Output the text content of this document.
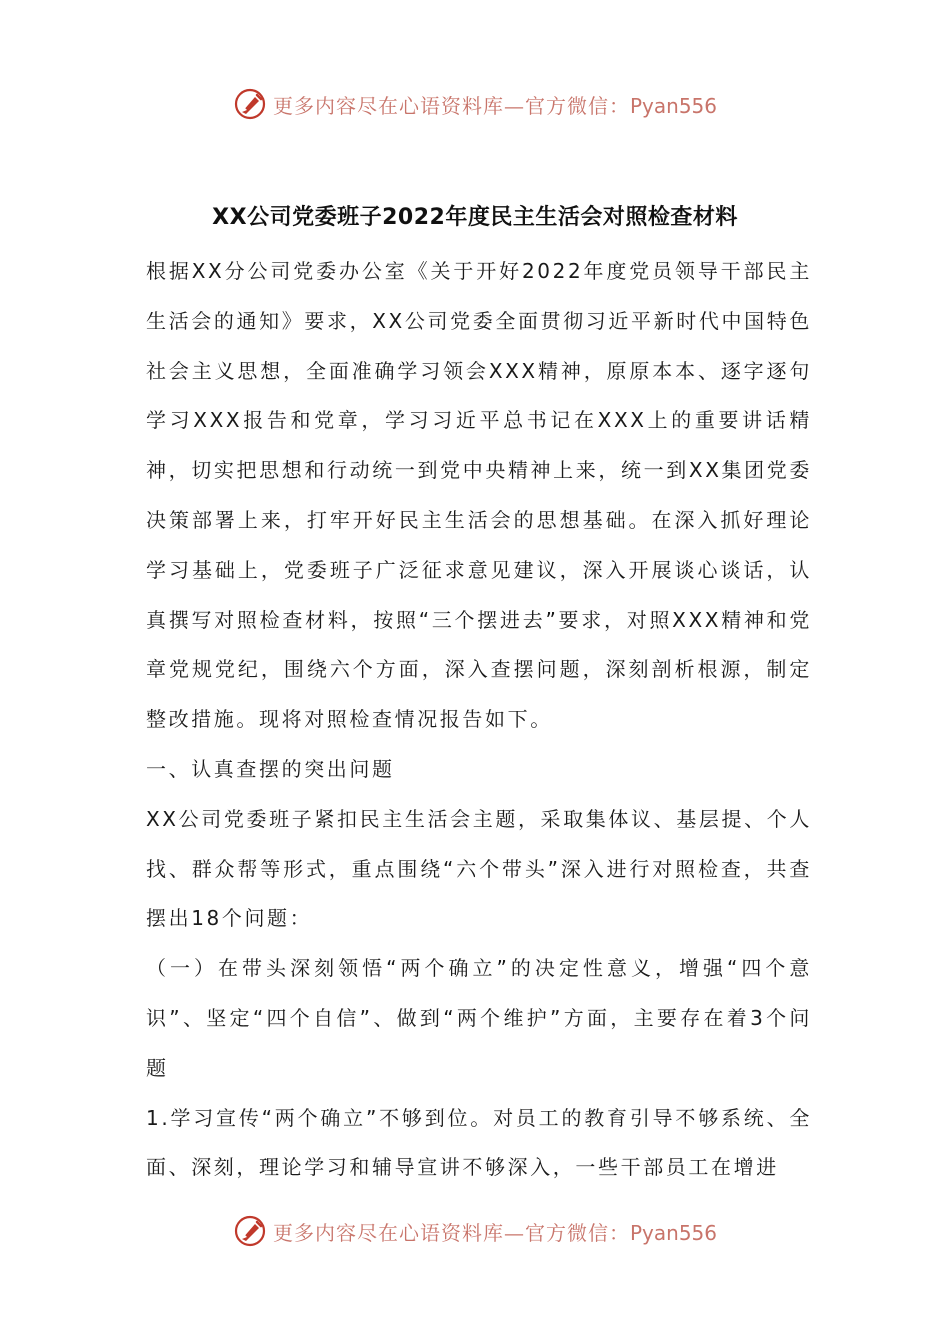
更多内容尽在心语资料库—官方微信：Pyan556
XX公司党委班子2022年度民主生活会对照检查材料

根据XX分公司党委办公室《关于开好2022年度党员领导干部民主生活会的通知》要求，XX公司党委全面贯彻习近平新时代中国特色社会主义思想，全面准确学习领会XXX精神，原原本本、逐字逐句学习XXX报告和党章，学习习近平总书记在XXX上的重要讲话精神，切实把思想和行动统一到党中央精神上来，统一到XX集团党委决策部署上来，打牢开好民主生活会的思想基础。在深入抓好理论学习基础上，党委班子广泛征求意见建议，深入开展谈心谈话，认真撰写对照检查材料，按照“三个摆进去”要求，对照XXX精神和党章党规党纪，围绕六个方面，深入查摆问题，深刻剖析根源，制定整改措施。现将对照检查情况报告如下。

一、认真查摆的突出问题

XX公司党委班子紧扣民主生活会主题，采取集体议、基层提、个人找、群众帮等形式，重点围绕“六个带头”深入进行对照检查，共查摆出18个问题：

（一）在带头深刻领悟“两个确立”的决定性意义，增强“四个意识”、坚定“四个自信”、做到“两个维护”方面，主要存在着3个问题

1.学习宣传“两个确立”不够到位。对员工的教育引导不够系统、全面、深刻，理论学习和辅导宣讲不够深入，一些干部员工在增进

更多内容尽在心语资料库—官方微信：Pyan556
